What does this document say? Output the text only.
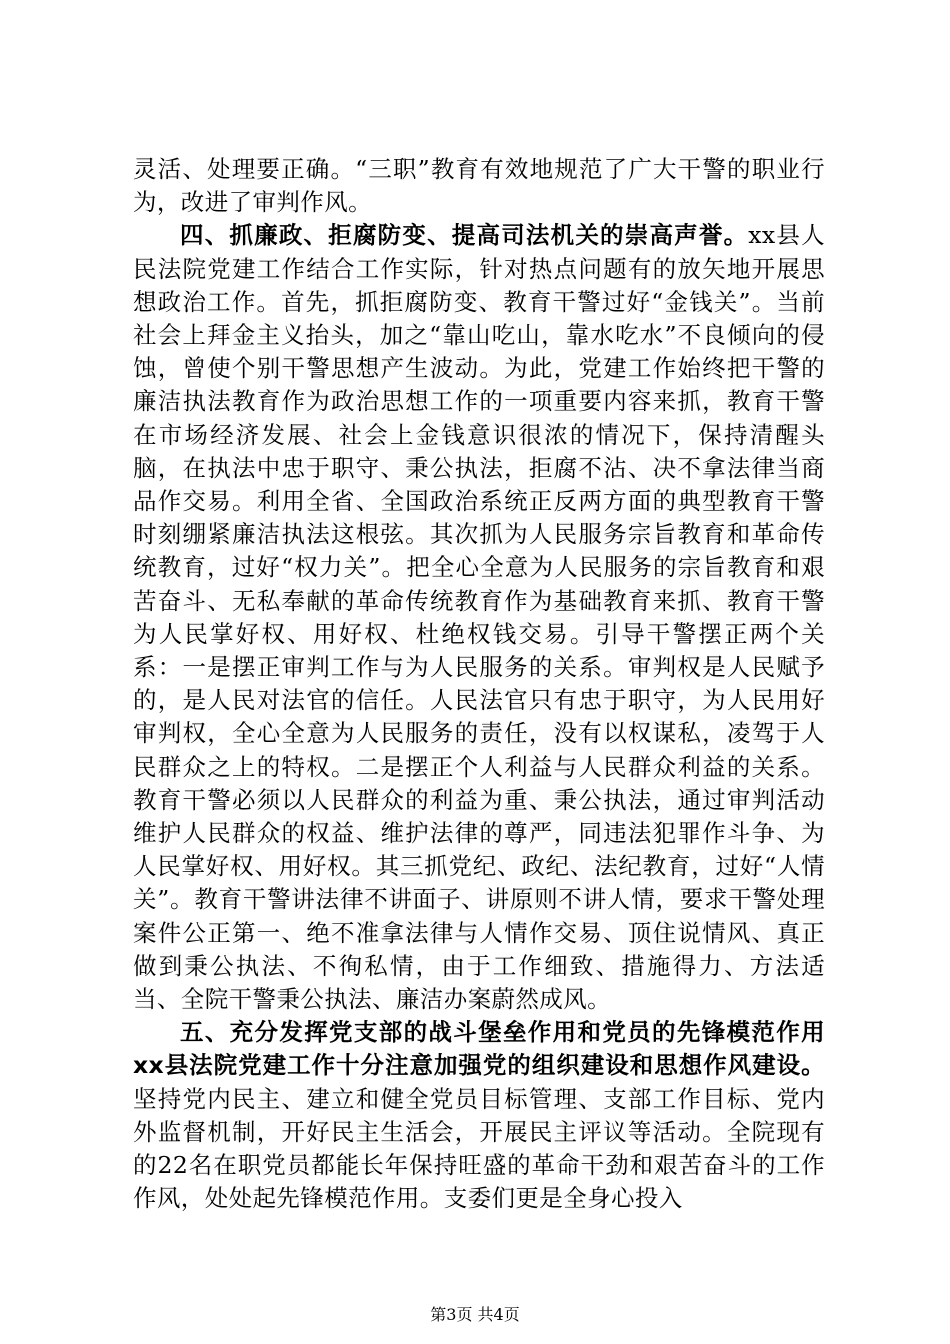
灵活、处理要正确。“三职”教育有效地规范了广大干警的职业行为，改进了审判作风。

四、抓廉政、拒腐防变、提高司法机关的崇高声誉。xx县人民法院党建工作结合工作实际，针对热点问题有的放矢地开展思想政治工作。首先，抓拒腐防变、教育干警过好“金钱关”。当前社会上拜金主义抬头，加之“靠山吃山，靠水吃水”不良倾向的侵蚀，曾使个别干警思想产生波动。为此，党建工作始终把干警的廉洁执法教育作为政治思想工作的一项重要内容来抓，教育干警在市场经济发展、社会上金钱意识很浓的情况下，保持清醒头脑，在执法中忠于职守、秉公执法，拒腐不沾、决不拿法律当商品作交易。利用全省、全国政治系统正反两方面的典型教育干警时刻绷紧廉洁执法这根弦。其次抓为人民服务宗旨教育和革命传统教育，过好“权力关”。把全心全意为人民服务的宗旨教育和艰苦奋斗、无私奉献的革命传统教育作为基础教育来抓、教育干警为人民掌好权、用好权、杜绝权钱交易。引导干警摆正两个关系：一是摆正审判工作与为人民服务的关系。审判权是人民赋予的，是人民对法官的信任。人民法官只有忠于职守，为人民用好审判权，全心全意为人民服务的责任，没有以权谋私，凌驾于人民群众之上的特权。二是摆正个人利益与人民群众利益的关系。教育干警必须以人民群众的利益为重、秉公执法，通过审判活动维护人民群众的权益、维护法律的尊严，同违法犯罪作斗争、为人民掌好权、用好权。其三抓党纪、政纪、法纪教育，过好“人情关”。教育干警讲法律不讲面子、讲原则不讲人情，要求干警处理案件公正第一、绝不准拿法律与人情作交易、顶住说情风、真正做到秉公执法、不徇私情，由于工作细致、措施得力、方法适当、全院干警秉公执法、廉洁办案蔚然成风。

五、充分发挥党支部的战斗堡垒作用和党员的先锋模范作用xx县法院党建工作十分注意加强党的组织建设和思想作风建设。坚持党内民主、建立和健全党员目标管理、支部工作目标、党内外监督机制，开好民主生活会，开展民主评议等活动。全院现有的22名在职党员都能长年保持旺盛的革命干劲和艰苦奋斗的工作作风，处处起先锋模范作用。支委们更是全身心投入

第3页 共4页
